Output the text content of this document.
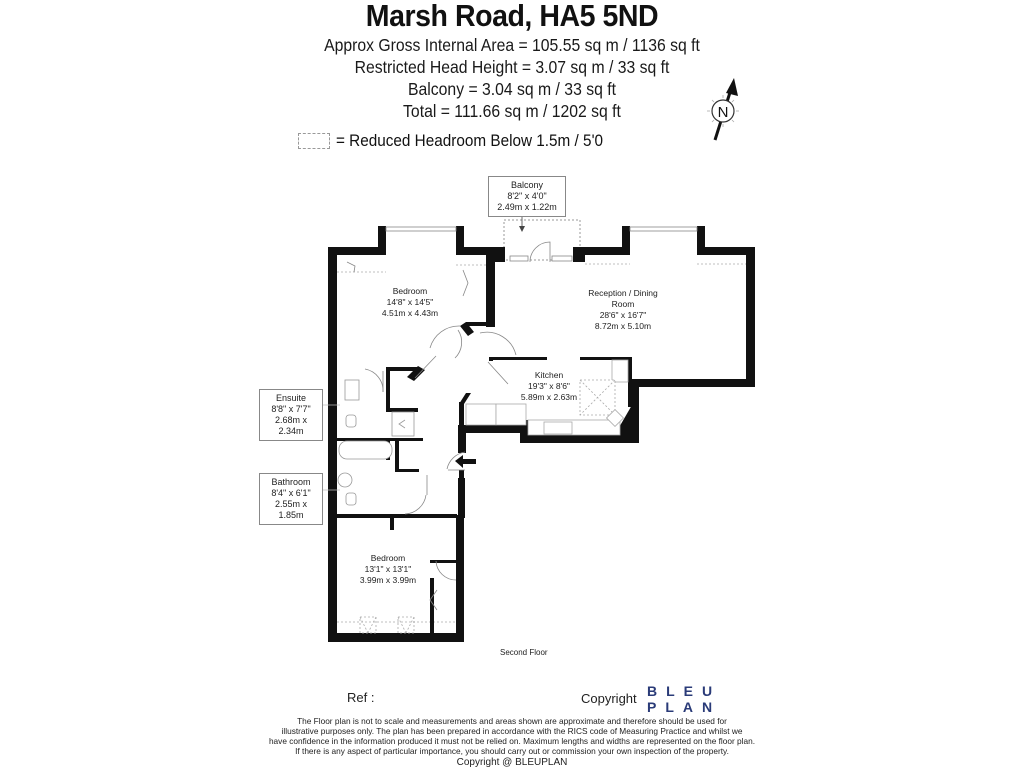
Marsh Road, HA5 5ND
Approx Gross Internal Area = 105.55 sq m / 1136 sq ft
Restricted Head Height = 3.07 sq m / 33 sq ft
Balcony = 3.04 sq m / 33 sq ft
Total = 111.66 sq m / 1202 sq ft
= Reduced Headroom Below 1.5m / 5'0
N
Balcony
8'2" x 4'0"
2.49m x 1.22m
Bedroom
14'8" x 14'5"
4.51m x 4.43m
Reception / Dining
Room
28'6" x 16'7"
8.72m x 5.10m
Kitchen
19'3" x 8'6"
5.89m x 2.63m
Ensuite
8'8" x 7'7"
2.68m x 2.34m
Bathroom
8'4" x 6'1"
2.55m x 1.85m
Bedroom
13'1" x 13'1"
3.99m x 3.99m
Second Floor
Ref :	Copyright BLEU
PLAN
The Floor plan is not to scale and measurements and areas shown are approximate and therefore should be used for
illustrative purposes only. The plan has been prepared in accordance with the RICS code of Measuring Practice and whilst we
have confidence in the information produced it must not be relied on. Maximum lengths and widths are represented on the floor plan.
If there is any aspect of particular importance, you should carry out or commission your own inspection of the property.
Copyright @ BLEUPLAN
